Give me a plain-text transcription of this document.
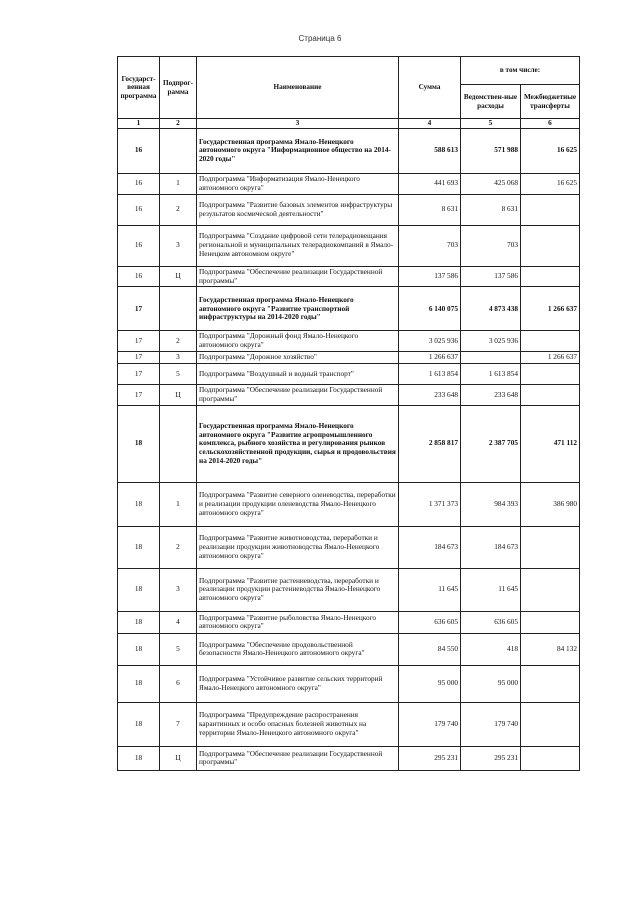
Страница 6
Государст-венная программа	Подпрог-рамма	Наименование	Сумма	в том числе:	
				Ведомствен-ные расходы	Межбюджетные трансферты
1	2	3	4	5	6
16		Государственная программа Ямало-Ненецкого автономного округа "Информационное общество на 2014-2020 годы"	588 613	571 988	16 625
16	1	Подпрограмма "Информатизация Ямало-Ненецкого автономного округа"	441 693	425 068	16 625
16	2	Подпрограмма "Развитие базовых элементов инфраструктуры результатов космической деятельности"	8 631	8 631	
16	3	Подпрограмма "Создание цифровой сети телерадиовещания региональной и муниципальных телерадиокомпаний в Ямало-Ненецком автономном округе"	703	703	
16	Ц	Подпрограмма "Обеспечение реализации Государственной программы"	137 586	137 586	
17		Государственная программа Ямало-Ненецкого автономного округа "Развитие транспортной инфраструктуры на 2014-2020 годы"	6 140 075	4 873 438	1 266 637
17	2	Подпрограмма "Дорожный фонд Ямало-Ненецкого автономного округа"	3 025 936	3 025 936	
17	3	Подпрограмма "Дорожное хозяйство"	1 266 637		1 266 637
17	5	Подпрограмма "Воздушный и водный транспорт"	1 613 854	1 613 854	
17	Ц	Подпрограмма "Обеспечение реализации Государственной программы"	233 648	233 648	
18		Государственная программа Ямало-Ненецкого автономного округа "Развитие агропромышленного комплекса, рыбного хозяйства и регулирования рынков сельскохозяйственной продукции, сырья и продовольствия на 2014-2020 годы"	2 858 817	2 387 705	471 112
18	1	Подпрограмма "Развитие северного оленеводства, переработки и реализации продукции оленеводства Ямало-Ненецкого автономного округа"	1 371 373	984 393	386 980
18	2	Подпрограмма "Развитие животноводства, переработки и реализации продукции животноводства Ямало-Ненецкого автономного округа"	184 673	184 673	
18	3	Подпрограмма "Развитие растениеводства, переработки и реализации продукции растениеводства Ямало-Ненецкого автономного округа"	11 645	11 645	
18	4	Подпрограмма "Развитие рыболовства Ямало-Ненецкого автономного округа"	636 605	636 605	
18	5	Подпрограмма "Обеспечение продовольственной безопасности Ямало-Ненецкого автономного округа"	84 550	418	84 132
18	6	Подпрограмма "Устойчивое развитие сельских территорий Ямало-Ненецкого автономного округа"	95 000	95 000	
18	7	Подпрограмма "Предупреждение распространения карантинных и особо опасных болезней животных на территории Ямало-Ненецкого автономного округа"	179 740	179 740	
18	Ц	Подпрограмма "Обеспечение реализации Государственной программы"	295 231	295 231	
